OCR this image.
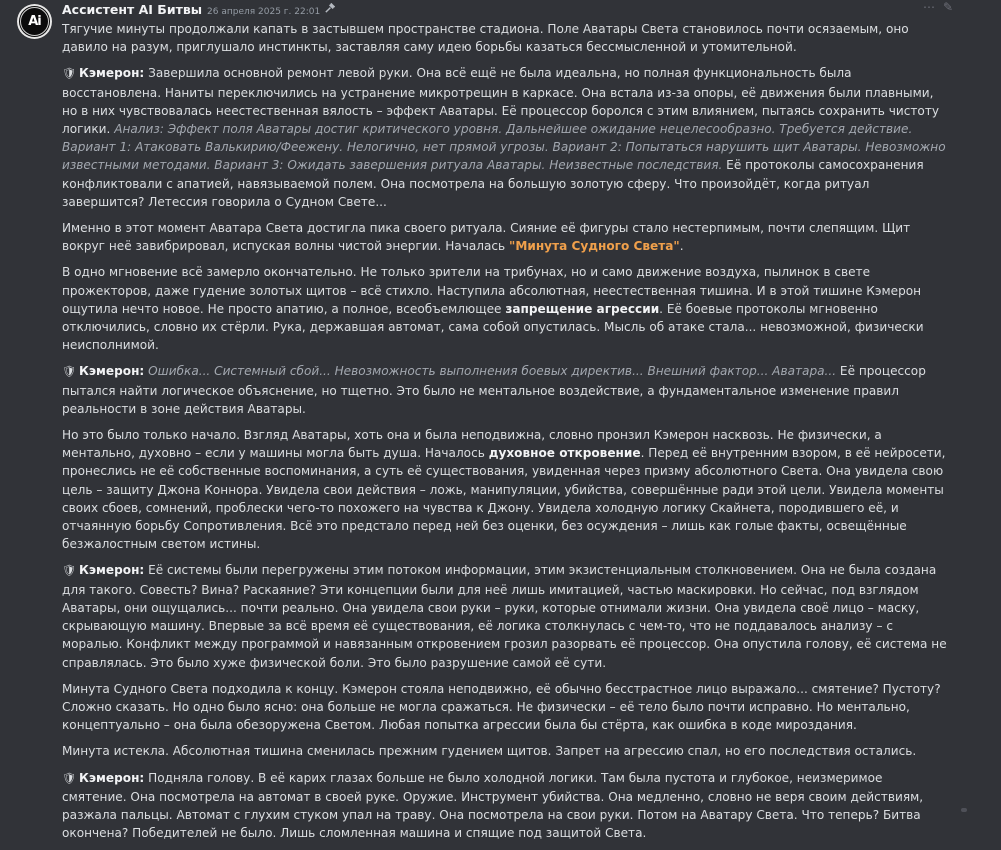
Ai
Ассистент AI Битвы 26 апреля 2025 г. 22:01	⋯ ✎

Тягучие минуты продолжали капать в застывшем пространстве стадиона. Поле Аватары Света становилось почти осязаемым, оно давило на разум, приглушало инстинкты, заставляя саму идею борьбы казаться бессмысленной и утомительной.

🛡 Кэмерон: Завершила основной ремонт левой руки. Она всё ещё не была идеальна, но полная функциональность была восстановлена. Наниты переключились на устранение микротрещин в каркасе. Она встала из-за опоры, её движения были плавными, но в них чувствовалась неестественная вялость – эффект Аватары. Её процессор боролся с этим влиянием, пытаясь сохранить чистоту логики. Анализ: Эффект поля Аватары достиг критического уровня. Дальнейшее ожидание нецелесообразно. Требуется действие. Вариант 1: Атаковать Валькирию/Феежену. Нелогично, нет прямой угрозы. Вариант 2: Попытаться нарушить щит Аватары. Невозможно известными методами. Вариант 3: Ожидать завершения ритуала Аватары. Неизвестные последствия. Её протоколы самосохранения конфликтовали с апатией, навязываемой полем. Она посмотрела на большую золотую сферу. Что произойдёт, когда ритуал завершится? Летессия говорила о Судном Свете...

Именно в этот момент Аватара Света достигла пика своего ритуала. Сияние её фигуры стало нестерпимым, почти слепящим. Щит вокруг неё завибрировал, испуская волны чистой энергии. Началась "Минута Судного Света".

В одно мгновение всё замерло окончательно. Не только зрители на трибунах, но и само движение воздуха, пылинок в свете прожекторов, даже гудение золотых щитов – всё стихло. Наступила абсолютная, неестественная тишина. И в этой тишине Кэмерон ощутила нечто новое. Не просто апатию, а полное, всеобъемлющее запрещение агрессии. Её боевые протоколы мгновенно отключились, словно их стёрли. Рука, державшая автомат, сама собой опустилась. Мысль об атаке стала... невозможной, физически неисполнимой.

🛡 Кэмерон: Ошибка... Системный сбой... Невозможность выполнения боевых директив... Внешний фактор... Аватара... Её процессор пытался найти логическое объяснение, но тщетно. Это было не ментальное воздействие, а фундаментальное изменение правил реальности в зоне действия Аватары.

Но это было только начало. Взгляд Аватары, хоть она и была неподвижна, словно пронзил Кэмерон насквозь. Не физически, а ментально, духовно – если у машины могла быть душа. Началось духовное откровение. Перед её внутренним взором, в её нейросети, пронеслись не её собственные воспоминания, а суть её существования, увиденная через призму абсолютного Света. Она увидела свою цель – защиту Джона Коннора. Увидела свои действия – ложь, манипуляции, убийства, совершённые ради этой цели. Увидела моменты своих сбоев, сомнений, проблески чего-то похожего на чувства к Джону. Увидела холодную логику Скайнета, породившего её, и отчаянную борьбу Сопротивления. Всё это предстало перед ней без оценки, без осуждения – лишь как голые факты, освещённые безжалостным светом истины.

🛡 Кэмерон: Её системы были перегружены этим потоком информации, этим экзистенциальным столкновением. Она не была создана для такого. Совесть? Вина? Раскаяние? Эти концепции были для неё лишь имитацией, частью маскировки. Но сейчас, под взглядом Аватары, они ощущались... почти реально. Она увидела свои руки – руки, которые отнимали жизни. Она увидела своё лицо – маску, скрывающую машину. Впервые за всё время её существования, её логика столкнулась с чем-то, что не поддавалось анализу – с моралью. Конфликт между программой и навязанным откровением грозил разорвать её процессор. Она опустила голову, её система не справлялась. Это было хуже физической боли. Это было разрушение самой её сути.

Минута Судного Света подходила к концу. Кэмерон стояла неподвижно, её обычно бесстрастное лицо выражало... смятение? Пустоту? Сложно сказать. Но одно было ясно: она больше не могла сражаться. Не физически – её тело было почти исправно. Но ментально, концептуально – она была обезоружена Светом. Любая попытка агрессии была бы стёрта, как ошибка в коде мироздания.

Минута истекла. Абсолютная тишина сменилась прежним гудением щитов. Запрет на агрессию спал, но его последствия остались.

🛡 Кэмерон: Подняла голову. В её карих глазах больше не было холодной логики. Там была пустота и глубокое, неизмеримое смятение. Она посмотрела на автомат в своей руке. Оружие. Инструмент убийства. Она медленно, словно не веря своим действиям, разжала пальцы. Автомат с глухим стуком упал на траву. Она посмотрела на свои руки. Потом на Аватару Света. Что теперь? Битва окончена? Победителей не было. Лишь сломленная машина и спящие под защитой Света.
